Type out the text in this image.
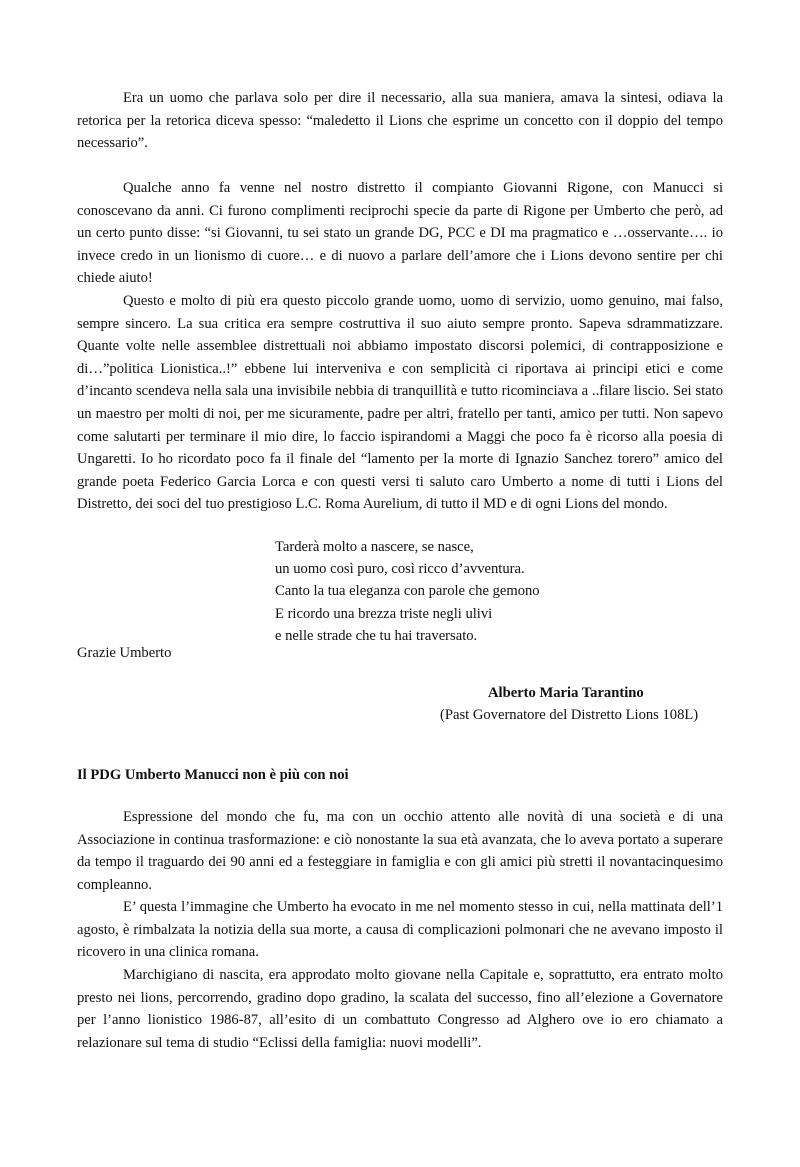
Era un uomo che parlava solo per dire il necessario, alla sua maniera, amava la sintesi, odiava la retorica per la retorica diceva spesso: “maledetto il Lions che esprime un concetto con il doppio del tempo necessario”.

Qualche anno fa venne nel nostro distretto il compianto Giovanni Rigone, con Manucci si conoscevano da anni. Ci furono complimenti reciprochi specie da parte di Rigone per Umberto che però, ad un certo punto disse: “si Giovanni, tu sei stato un grande DG, PCC e DI ma pragmatico e …osservante…. io invece credo in un lionismo di cuore… e di nuovo a parlare dell’amore che i Lions devono sentire per chi chiede aiuto!

Questo e molto di più era questo piccolo grande uomo, uomo di servizio, uomo genuino, mai falso, sempre sincero. La sua critica era sempre costruttiva il suo aiuto sempre pronto. Sapeva sdrammatizzare. Quante volte nelle assemblee distrettuali noi abbiamo impostato discorsi polemici, di contrapposizione e di…”politica Lionistica..!” ebbene lui interveniva e con semplicità ci riportava ai principi etici e come d’incanto scendeva nella sala una invisibile nebbia di tranquillità e tutto ricominciava a ..filare liscio. Sei stato un maestro per molti di noi, per me sicuramente, padre per altri, fratello per tanti, amico per tutti. Non sapevo come salutarti per terminare il mio dire, lo faccio ispirandomi a Maggi che poco fa è ricorso alla poesia di Ungaretti. Io ho ricordato poco fa il finale del “lamento per la morte di Ignazio Sanchez torero” amico del grande poeta Federico Garcia Lorca e con questi versi ti saluto caro Umberto a nome di tutti i Lions del Distretto, dei soci del tuo prestigioso L.C. Roma Aurelium, di tutto il MD e di ogni Lions del mondo.

Tarderà molto a nascere, se nasce,
un uomo così puro, così ricco d’avventura.
Canto la tua eleganza con parole che gemono
E ricordo una brezza triste negli ulivi
e nelle strade che tu hai traversato.
Grazie Umberto
Alberto Maria Tarantino
(Past Governatore del Distretto Lions 108L)
Il PDG Umberto Manucci non è più con noi

Espressione del mondo che fu, ma con un occhio attento alle novità di una società e di una Associazione in continua trasformazione: e ciò nonostante la sua età avanzata, che lo aveva portato a superare da tempo il traguardo dei 90 anni ed a festeggiare in famiglia e con gli amici più stretti il novantacinquesimo compleanno.

E’ questa l’immagine che Umberto ha evocato in me nel momento stesso in cui, nella mattinata dell’1 agosto, è rimbalzata la notizia della sua morte, a causa di complicazioni polmonari che ne avevano imposto il ricovero in una clinica romana.

Marchigiano di nascita, era approdato molto giovane nella Capitale e, soprattutto, era entrato molto presto nei lions, percorrendo, gradino dopo gradino, la scalata del successo, fino all’elezione a Governatore per l’anno lionistico 1986-87, all’esito di un combattuto Congresso ad Alghero ove io ero chiamato a relazionare sul tema di studio “Eclissi della famiglia: nuovi modelli”.
